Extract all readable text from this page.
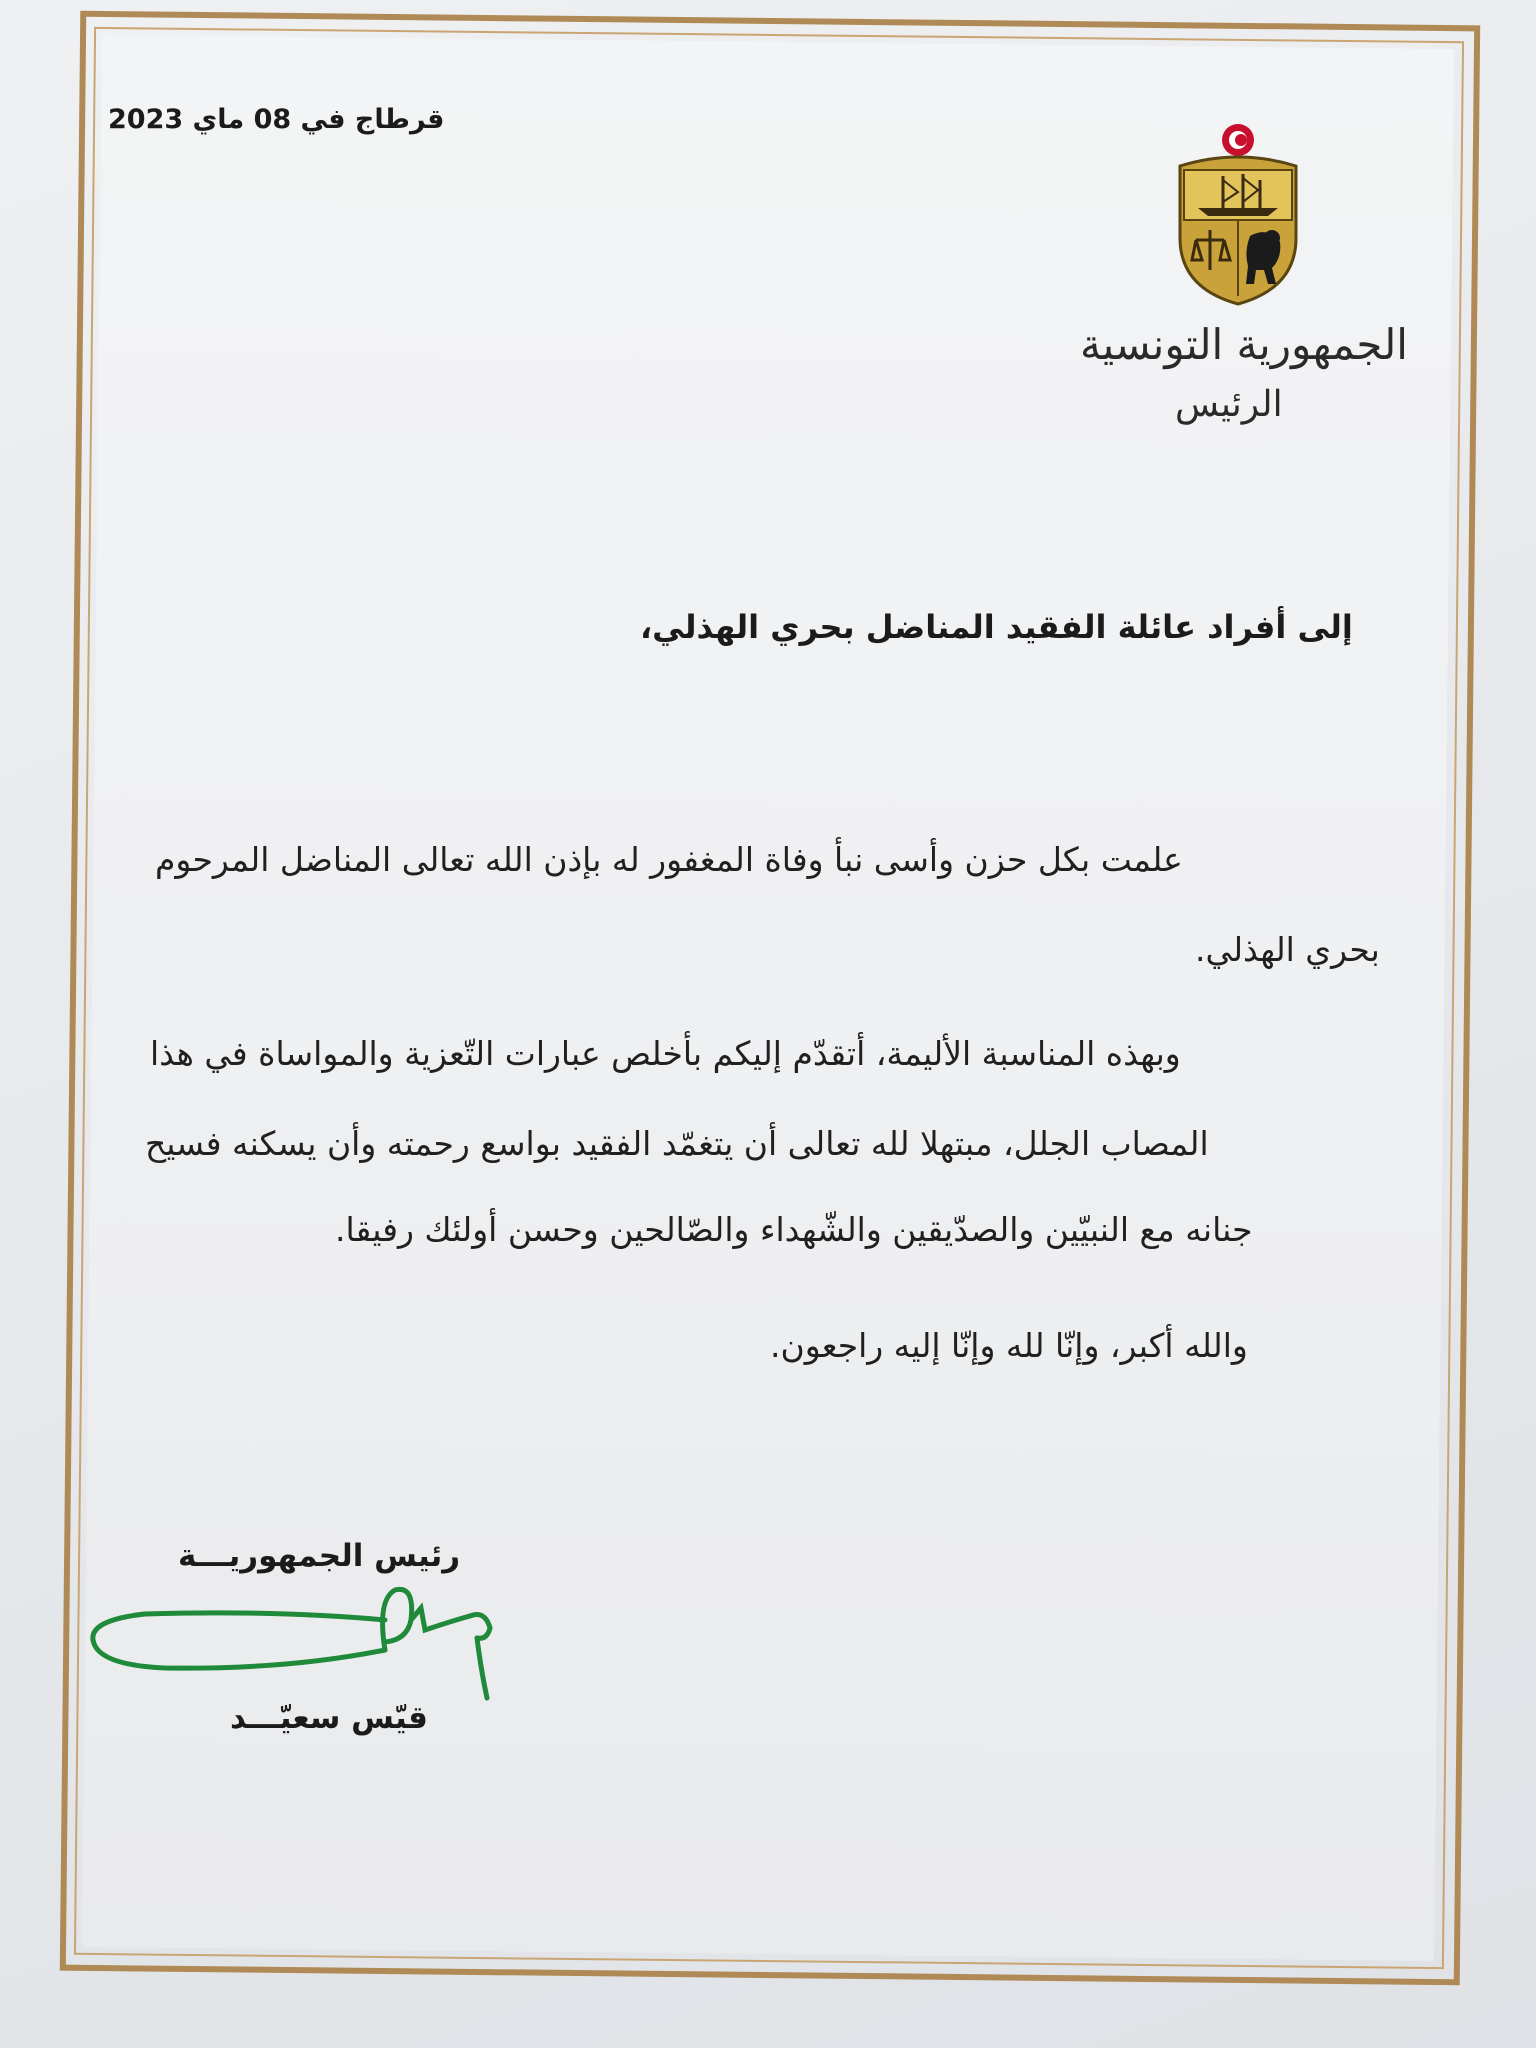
قرطاج في 08 ماي 2023
الجمهورية التونسية
الرئيس
إلى أفراد عائلة الفقيد المناضل بحري الهذلي،
علمت بكل حزن وأسى نبأ وفاة المغفور له بإذن الله تعالى المناضل المرحوم
بحري الهذلي.
وبهذه المناسبة الأليمة، أتقدّم إليكم بأخلص عبارات التّعزية والمواساة في هذا
المصاب الجلل، مبتهلا لله تعالى أن يتغمّد الفقيد بواسع رحمته وأن يسكنه فسيح
جنانه مع النبيّين والصدّيقين والشّهداء والصّالحين وحسن أولئك رفيقا.
والله أكبر، وإنّا لله وإنّا إليه راجعون.
رئيس الجمهوريـــة
قيّس سعيّـــد
